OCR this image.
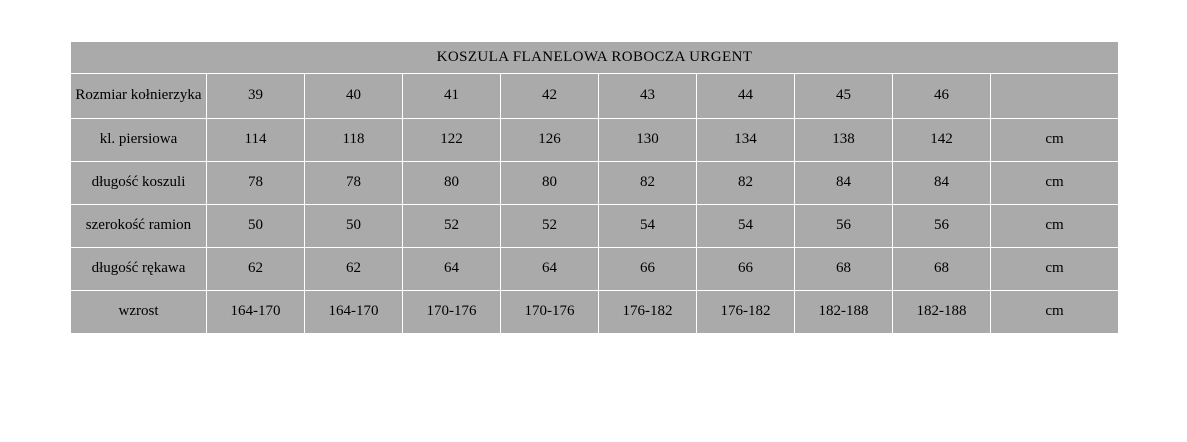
KOSZULA FLANELOWA ROBOCZA URGENT									
Rozmiar kołnierzyka	39	40	41	42	43	44	45	46	
kl. piersiowa	114	118	122	126	130	134	138	142	cm
długość koszuli	78	78	80	80	82	82	84	84	cm
szerokość ramion	50	50	52	52	54	54	56	56	cm
długość rękawa	62	62	64	64	66	66	68	68	cm
wzrost	164-170	164-170	170-176	170-176	176-182	176-182	182-188	182-188	cm
